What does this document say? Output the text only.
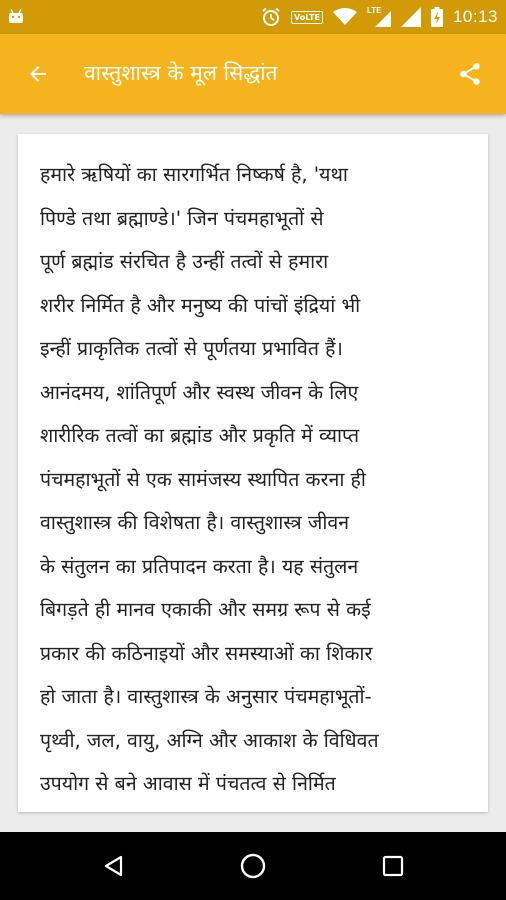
VoLTE
LTE	10:13
वास्तुशास्त्र के मूल सिद्धांत
हमारे ऋषियों का सारगर्भित निष्कर्ष है, 'यथा
पिण्डे तथा ब्रह्माण्डे।' जिन पंचमहाभूतों से
पूर्ण ब्रह्मांड संरचित है उन्हीं तत्वों से हमारा
शरीर निर्मित है और मनुष्य की पांचों इंद्रियां भी
इन्हीं प्राकृतिक तत्वों से पूर्णतया प्रभावित हैं।
आनंदमय, शांतिपूर्ण और स्वस्थ जीवन के लिए
शारीरिक तत्वों का ब्रह्मांड और प्रकृति में व्याप्त
पंचमहाभूतों से एक सामंजस्य स्थापित करना ही
वास्तुशास्त्र की विशेषता है। वास्तुशास्त्र जीवन
के संतुलन का प्रतिपादन करता है। यह संतुलन
बिगड़ते ही मानव एकाकी और समग्र रूप से कई
प्रकार की कठिनाइयों और समस्याओं का शिकार
हो जाता है। वास्तुशास्त्र के अनुसार पंचमहाभूतों-
पृथ्वी, जल, वायु, अग्नि और आकाश के विधिवत
उपयोग से बने आवास में पंचतत्व से निर्मित
